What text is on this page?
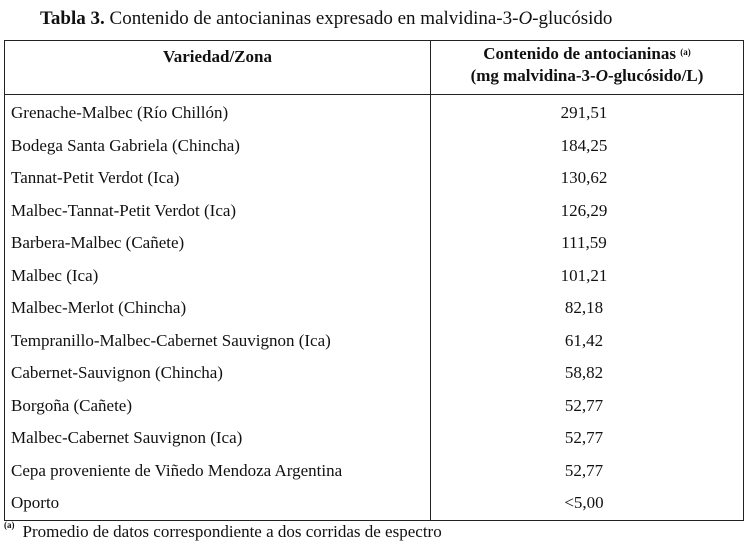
Tabla 3. Contenido de antocianinas expresado en malvidina-3-O-glucósido
Variedad/Zona	Contenido de antocianinas $^{(a)}$
(mg malvidina-3-O-glucósido/L)
Grenache-Malbec (Río Chillón)	291,51
Bodega Santa Gabriela (Chincha)	184,25
Tannat-Petit Verdot (Ica)	130,62
Malbec-Tannat-Petit Verdot (Ica)	126,29
Barbera-Malbec (Cañete)	111,59
Malbec (Ica)	101,21
Malbec-Merlot (Chincha)	82,18
Tempranillo-Malbec-Cabernet Sauvignon (Ica)	61,42
Cabernet-Sauvignon (Chincha)	58,82
Borgoña (Cañete)	52,77
Malbec-Cabernet Sauvignon (Ica)	52,77
Cepa proveniente de Viñedo Mendoza Argentina	52,77
Oporto	<5,00
$^{(a)}$ Promedio de datos correspondiente a dos corridas de espectro
